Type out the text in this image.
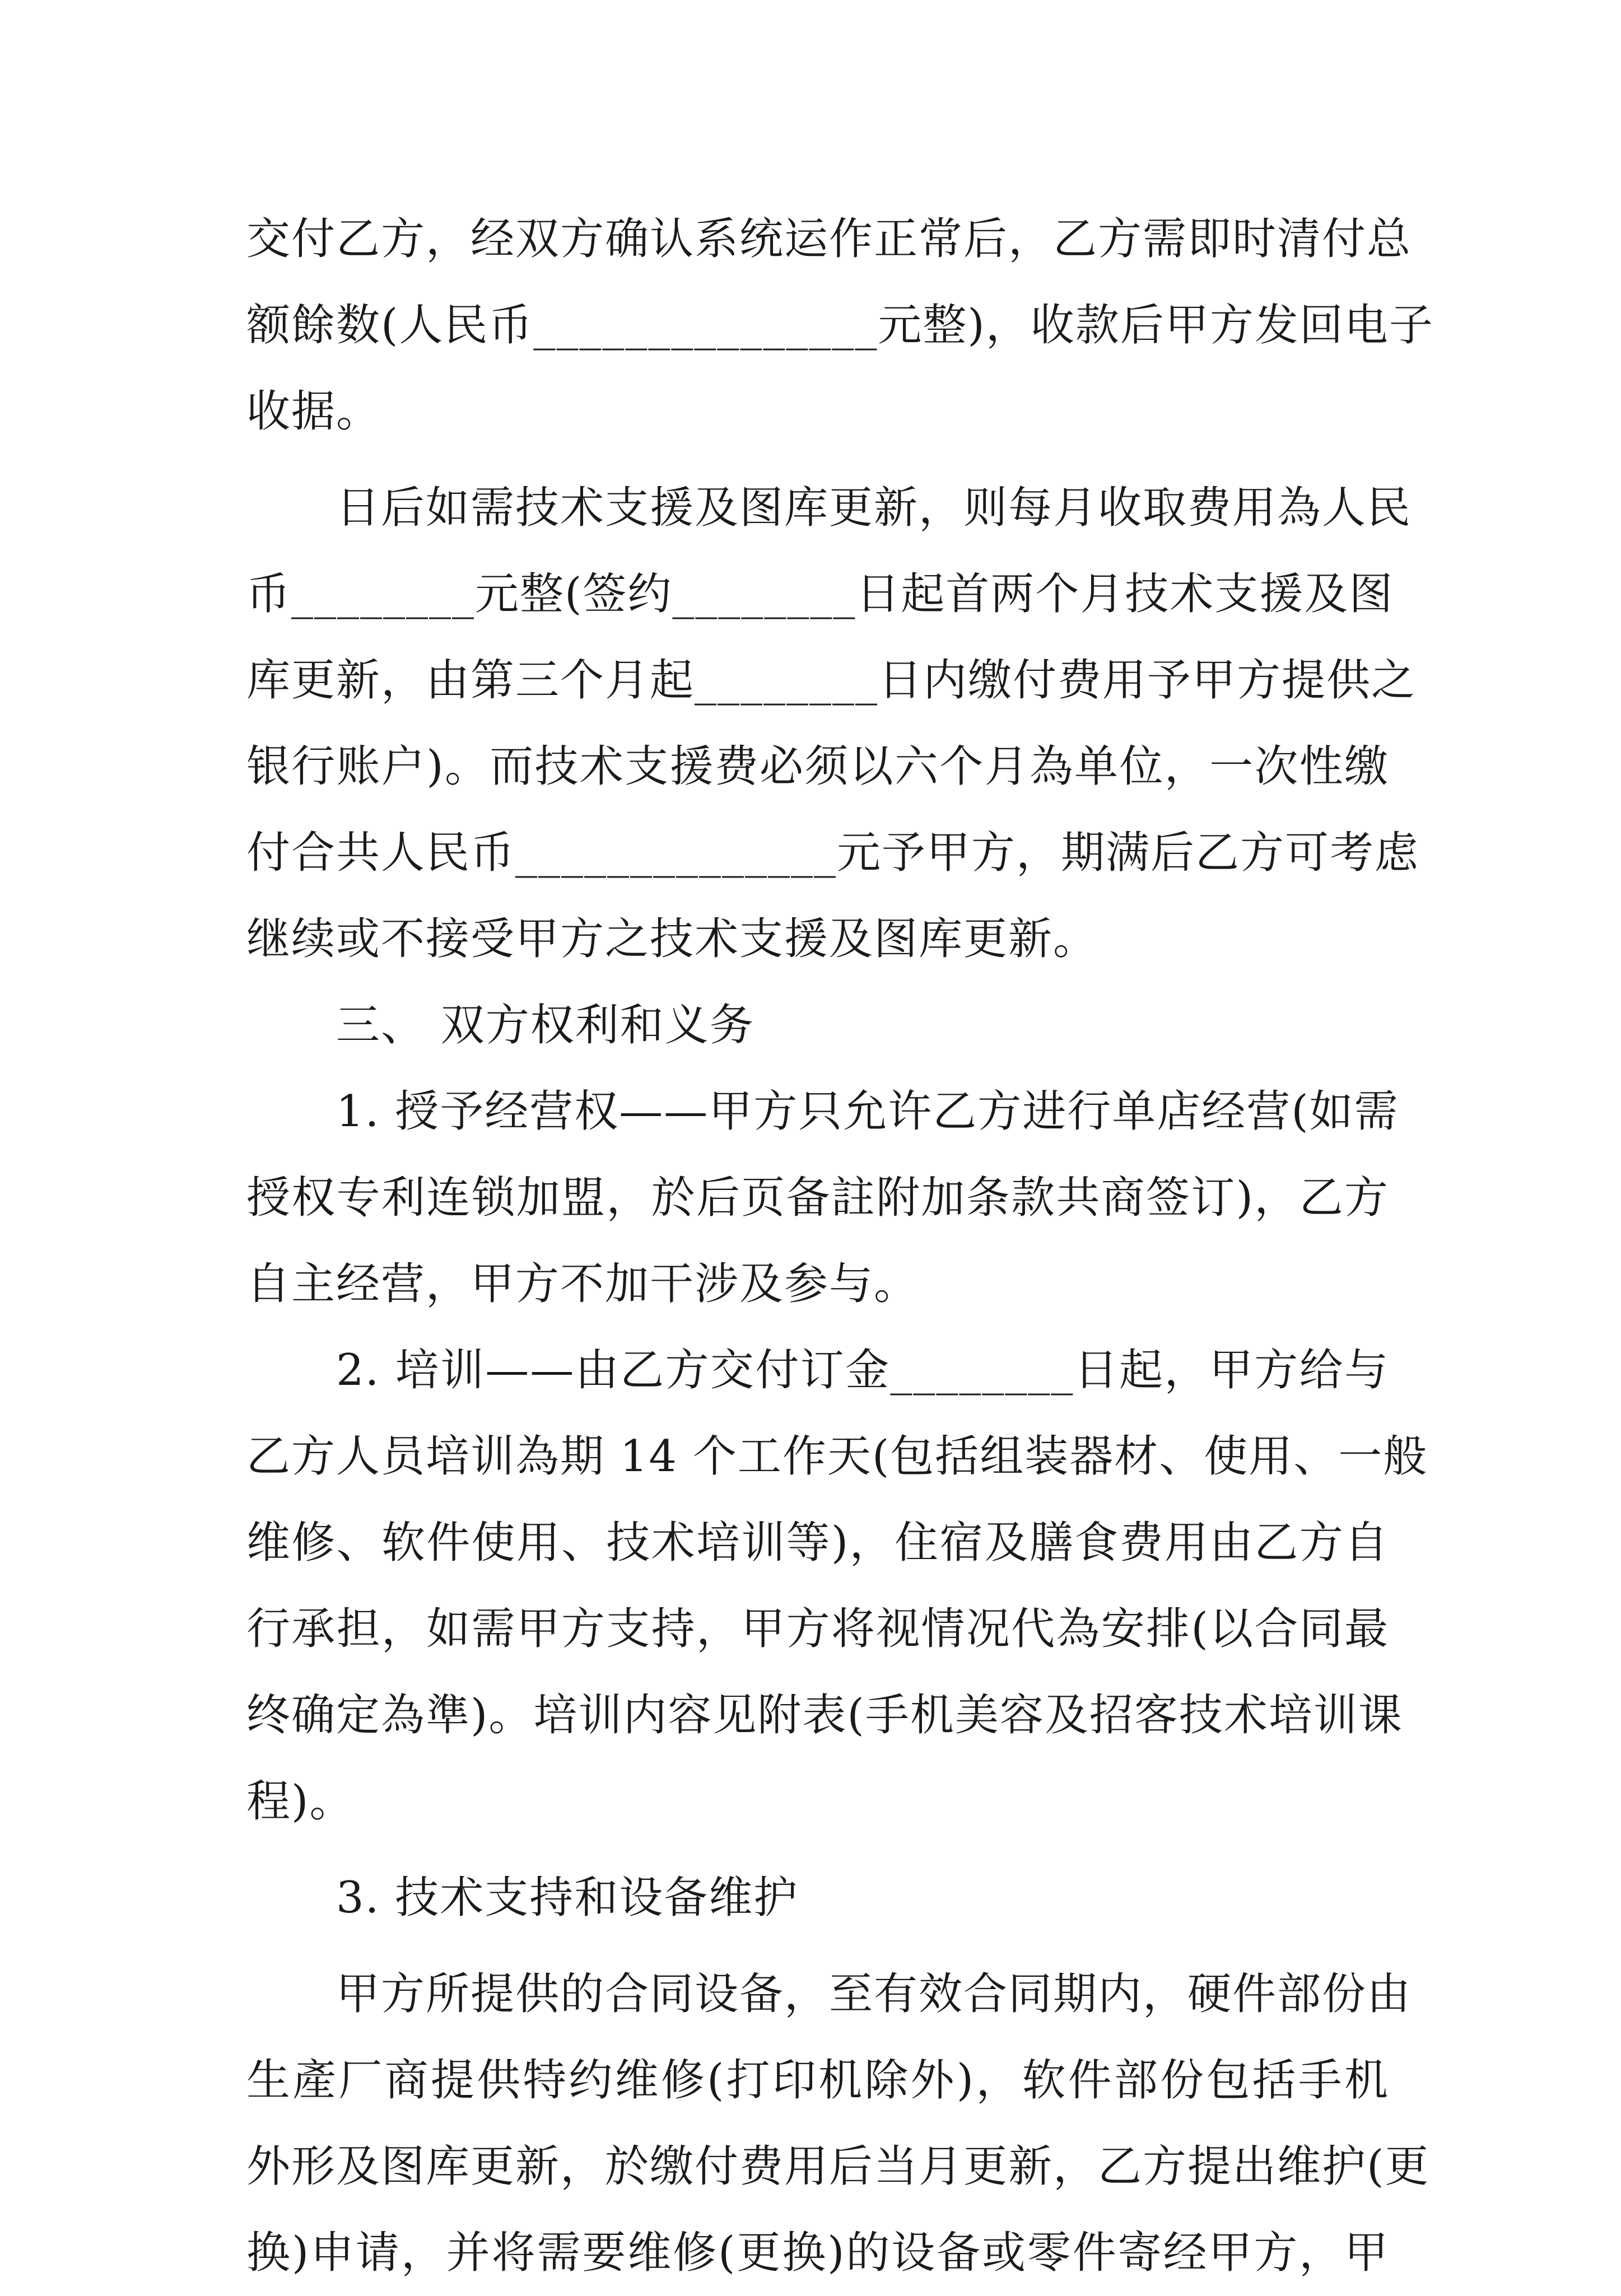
交付乙方，经双方确认系统运作正常后，乙方需即时清付总
额餘数(人民币_______________元整)，收款后甲方发回电子
收据。
日后如需技术支援及图库更新，则每月收取费用為人民
币________元整(签约________日起首两个月技术支援及图
库更新，由第三个月起________日内缴付费用予甲方提供之
银行账户)。而技术支援费必须以六个月為单位，一次性缴
付合共人民币______________元予甲方，期满后乙方可考虑
继续或不接受甲方之技术支援及图库更新。
三、 双方权利和义务
1. 授予经营权——甲方只允许乙方进行单店经营(如需
授权专利连锁加盟，於后页备註附加条款共商签订)，乙方
自主经营，甲方不加干涉及参与。
2. 培训——由乙方交付订金________日起，甲方给与
乙方人员培训為期 14 个工作天(包括组装器材、使用、一般
维修、软件使用、技术培训等)，住宿及膳食费用由乙方自
行承担，如需甲方支持，甲方将视情况代為安排(以合同最
终确定為準)。培训内容见附表(手机美容及招客技术培训课
程)。
3. 技术支持和设备维护
甲方所提供的合同设备，至有效合同期内，硬件部份由
生產厂商提供特约维修(打印机除外)，软件部份包括手机
外形及图库更新，於缴付费用后当月更新，乙方提出维护(更
换)申请，并将需要维修(更换)的设备或零件寄经甲方，甲
